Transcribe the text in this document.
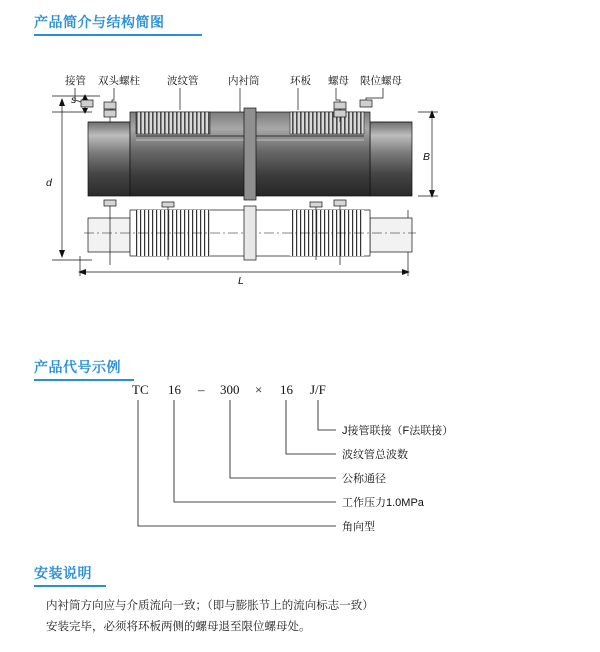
产品简介与结构简图
接管 双头螺柱	波纹管	内衬筒	环板 螺母 限位螺母
d
s
B
L
产品代号示例
TC 16 – 300 × 16 J/F
J接管联接（F法联接）
波纹管总波数
公称通径
工作压力1.0MPa
角向型
安装说明

内衬筒方向应与介质流向一致；（即与膨胀节上的流向标志一致）

安装完毕，必须将环板两侧的螺母退至限位螺母处。
